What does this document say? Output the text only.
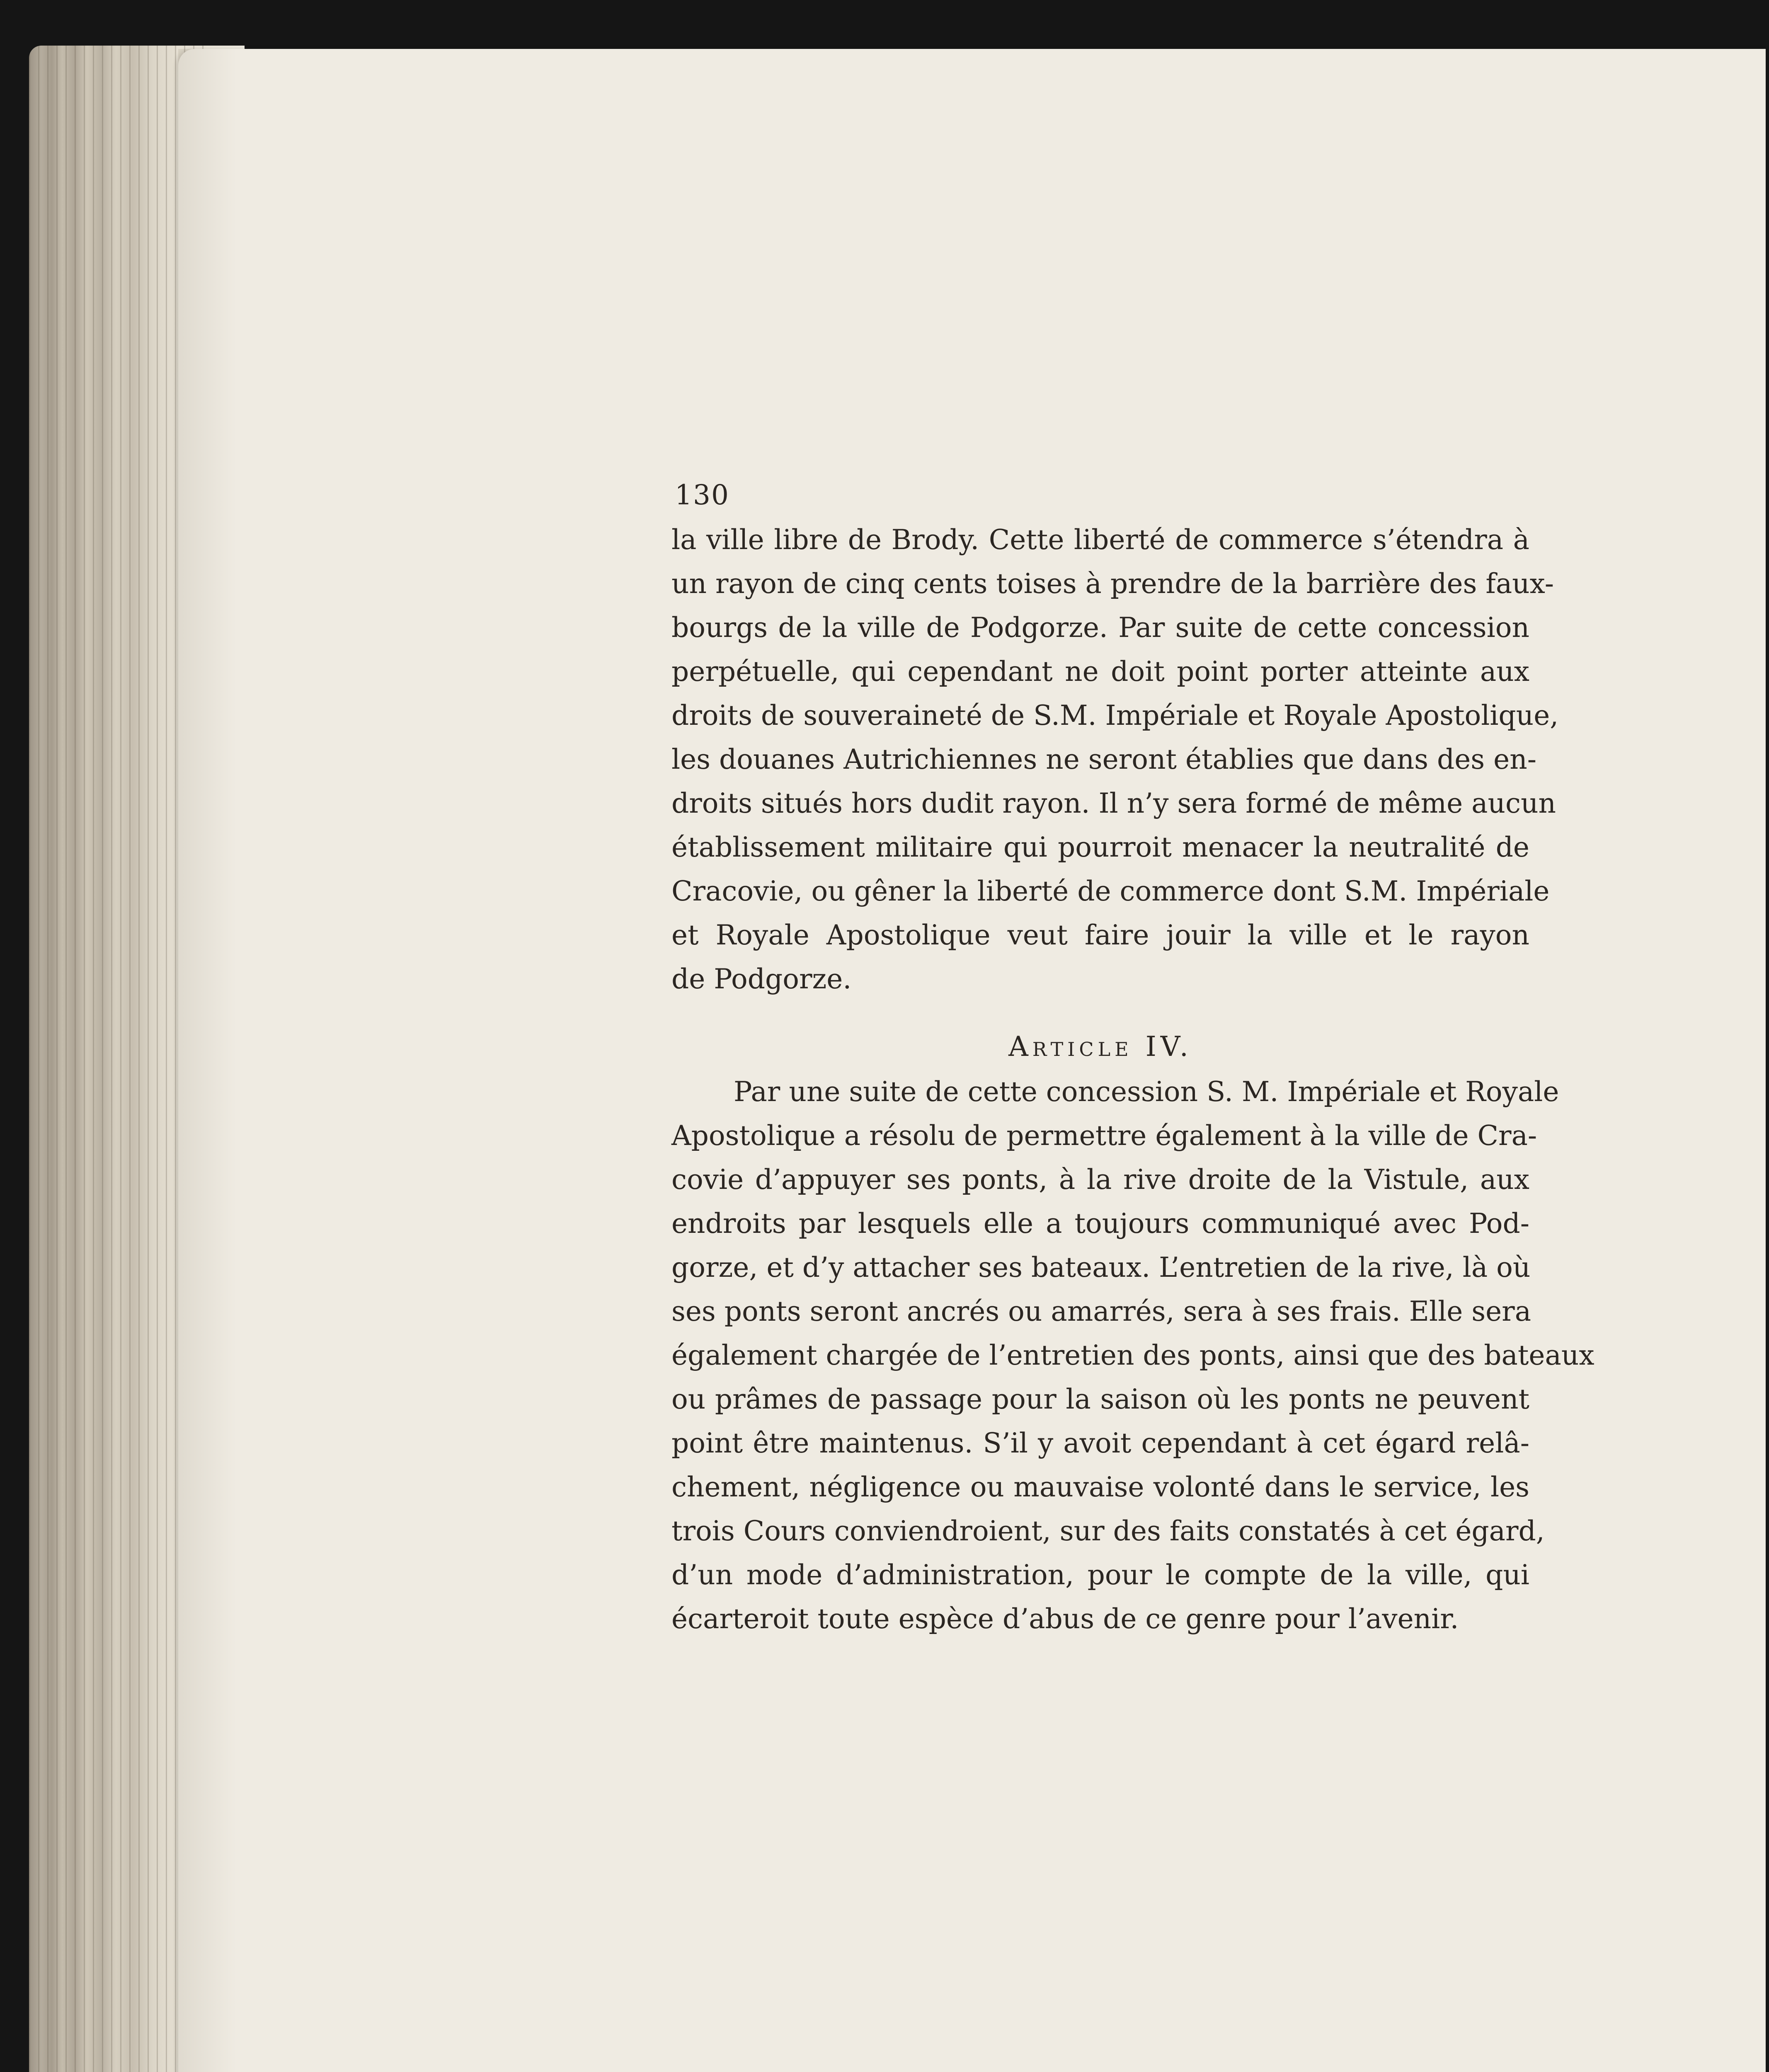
130
la ville libre de Brody. Cette liberté de commerce s’étendra à
un rayon de cinq cents toises à prendre de la barrière des faux-
bourgs de la ville de Podgorze. Par suite de cette concession
perpétuelle, qui cependant ne doit point porter atteinte aux
droits de souveraineté de S.M. Impériale et Royale Apostolique,
les douanes Autrichiennes ne seront établies que dans des en-
droits situés hors dudit rayon. Il n’y sera formé de même aucun
établissement militaire qui pourroit menacer la neutralité de
Cracovie, ou gêner la liberté de commerce dont S.M. Impériale
et Royale Apostolique veut faire jouir la ville et le rayon
de Podgorze.
Article IV.
Par une suite de cette concession S. M. Impériale et Royale
Apostolique a résolu de permettre également à la ville de Cra-
covie d’appuyer ses ponts, à la rive droite de la Vistule, aux
endroits par lesquels elle a toujours communiqué avec Pod-
gorze, et d’y attacher ses bateaux. L’entretien de la rive, là où
ses ponts seront ancrés ou amarrés, sera à ses frais. Elle sera
également chargée de l’entretien des ponts, ainsi que des bateaux
ou prâmes de passage pour la saison où les ponts ne peuvent
point être maintenus. S’il y avoit cependant à cet égard relâ-
chement, négligence ou mauvaise volonté dans le service, les
trois Cours conviendroient, sur des faits constatés à cet égard,
d’un mode d’administration, pour le compte de la ville, qui
écarteroit toute espèce d’abus de ce genre pour l’avenir.
